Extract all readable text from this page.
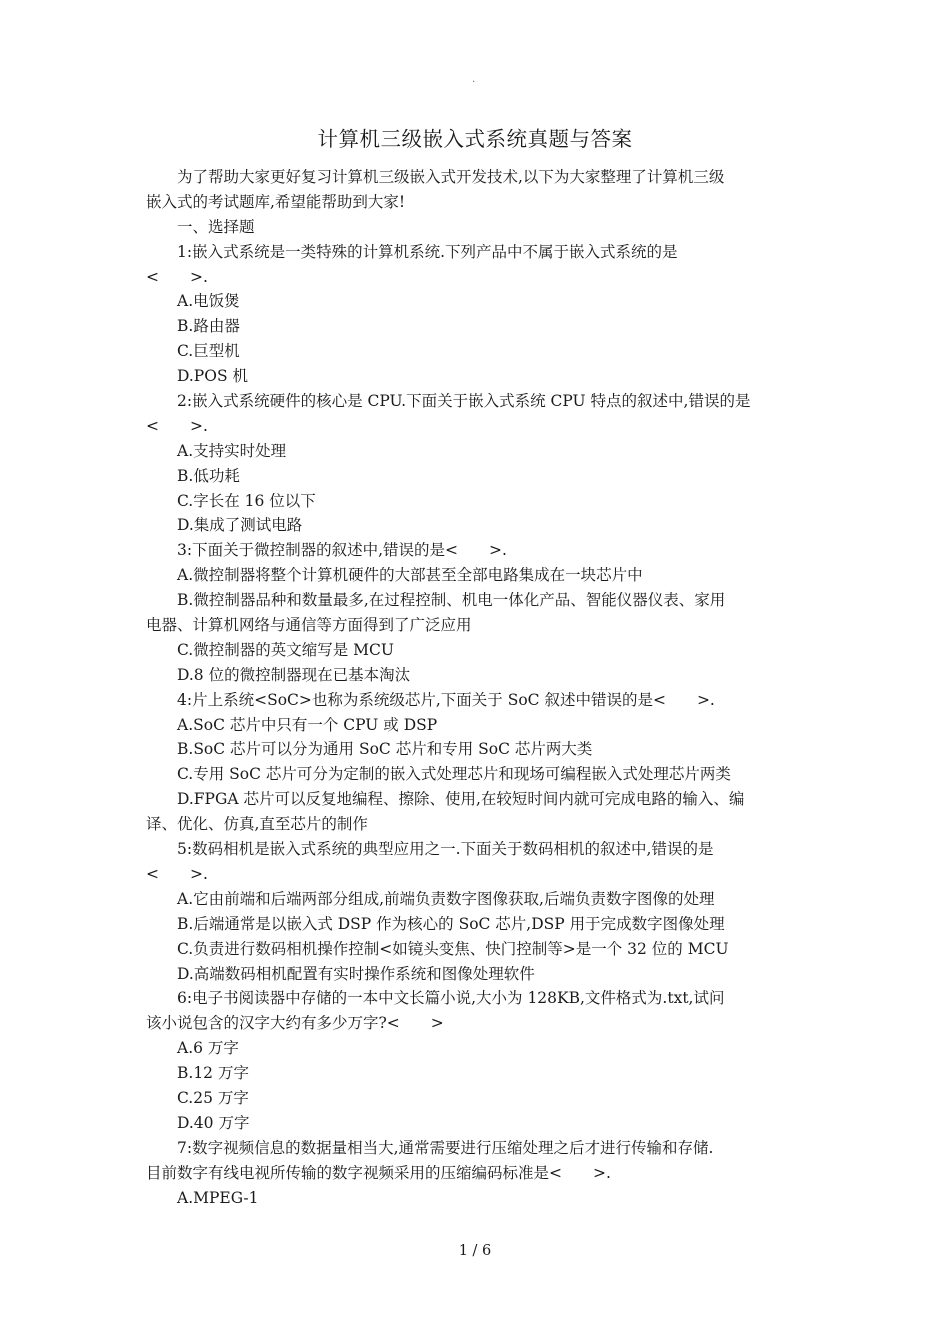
.
计算机三级嵌入式系统真题与答案
为了帮助大家更好复习计算机三级嵌入式开发技术,以下为大家整理了计算机三级
嵌入式的考试题库,希望能帮助到大家!
一、选择题
1:嵌入式系统是一类特殊的计算机系统.下列产品中不属于嵌入式系统的是
<　　>.
A.电饭煲
B.路由器
C.巨型机
D.POS 机
2:嵌入式系统硬件的核心是 CPU.下面关于嵌入式系统 CPU 特点的叙述中,错误的是
<　　>.
A.支持实时处理
B.低功耗
C.字长在 16 位以下
D.集成了测试电路
3:下面关于微控制器的叙述中,错误的是<　　>.
A.微控制器将整个计算机硬件的大部甚至全部电路集成在一块芯片中
B.微控制器品种和数量最多,在过程控制、机电一体化产品、智能仪器仪表、家用
电器、计算机网络与通信等方面得到了广泛应用
C.微控制器的英文缩写是 MCU
D.8 位的微控制器现在已基本淘汰
4:片上系统<SoC>也称为系统级芯片,下面关于 SoC 叙述中错误的是<　　>.
A.SoC 芯片中只有一个 CPU 或 DSP
B.SoC 芯片可以分为通用 SoC 芯片和专用 SoC 芯片两大类
C.专用 SoC 芯片可分为定制的嵌入式处理芯片和现场可编程嵌入式处理芯片两类
D.FPGA 芯片可以反复地编程、擦除、使用,在较短时间内就可完成电路的输入、编
译、优化、仿真,直至芯片的制作
5:数码相机是嵌入式系统的典型应用之一.下面关于数码相机的叙述中,错误的是
<　　>.
A.它由前端和后端两部分组成,前端负责数字图像获取,后端负责数字图像的处理
B.后端通常是以嵌入式 DSP 作为核心的 SoC 芯片,DSP 用于完成数字图像处理
C.负责进行数码相机操作控制<如镜头变焦、快门控制等>是一个 32 位的 MCU
D.高端数码相机配置有实时操作系统和图像处理软件
6:电子书阅读器中存储的一本中文长篇小说,大小为 128KB,文件格式为.txt,试问
该小说包含的汉字大约有多少万字?<　　>
A.6 万字
B.12 万字
C.25 万字
D.40 万字
7:数字视频信息的数据量相当大,通常需要进行压缩处理之后才进行传输和存储.
目前数字有线电视所传输的数字视频采用的压缩编码标准是<　　>.
A.MPEG-1
1 / 6
